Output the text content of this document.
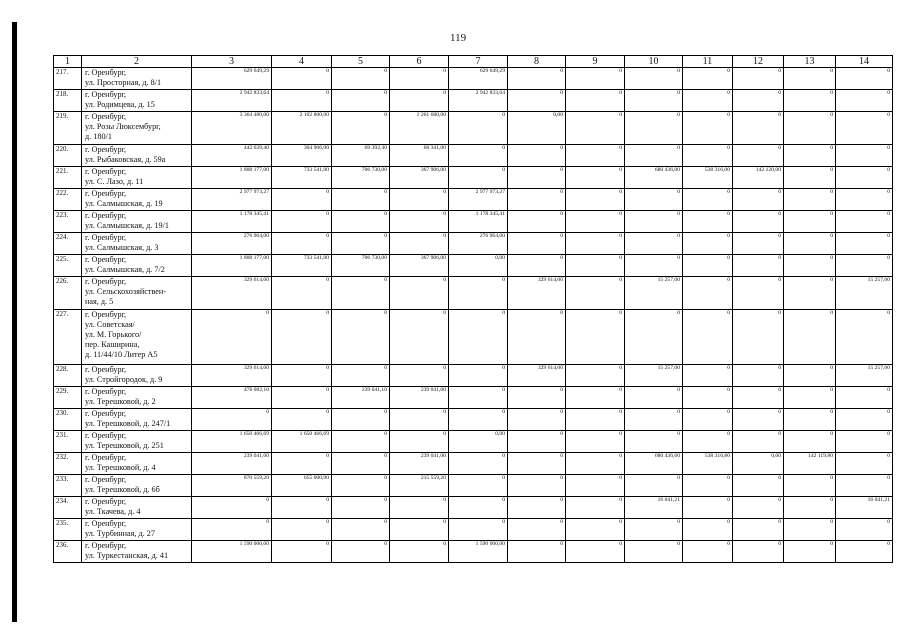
119
1	2	3	4	5	6	7	8	9	10	11	12	13	14
217.	г. Оренбург,
ул. Просторная, д. 8/1	629 649,29	0	0	0	629 649,29	0	0	0	0	0	0	0
218.	г. Оренбург,
ул. Родимцева, д. 15	2 942 833,64	0	0	0	2 942 833,64	0	0	0	0	0	0	0
219.	г. Оренбург,
ул. Розы Люксембург,
д. 180/1	3 364 480,00	2 102 800,00	0	1 261 680,00	0	0,00	0	0	0	0	0	0
220.	г. Оренбург,
ул. Рыбаковская, д. 59а	442 639,40	304 906,00	69 392,40	68 341,00	0	0	0	0	0	0	0	0
221.	г. Оренбург,
ул. С. Лазо, д. 11	1 808 177,00	733 541,00	706 730,00	367 906,00	0	0	0	680 436,00	538 316,00	142 120,00	0	0
222.	г. Оренбург,
ул. Салмышская, д. 19	2 977 973,27	0	0	0	2 977 973,27	0	0	0	0	0	0	0
223.	г. Оренбург,
ул. Салмышская, д. 19/1	1 178 345,41	0	0	0	1 178 345,41	0	0	0	0	0	0	0
224.	г. Оренбург,
ул. Салмышская, д. 3	276 964,00	0	0	0	276 964,00	0	0	0	0	0	0	0
225.	г. Оренбург,
ул. Салмышская, д. 7/2	1 808 177,00	733 541,00	706 730,00	367 906,00	0,00	0	0	0	0	0	0	0
226.	г. Оренбург,
ул. Сельскохозяйствен-
ная, д. 5	329 614,00	0	0	0	0	329 614,00	0	15 257,00	0	0	0	15 257,00
227.	г. Оренбург,
ул. Советская/
ул. М. Горького/
пер. Каширина,
д. 11/44/10 Литер А5	0	0	0	0	0	0	0	0	0	0	0	0
228.	г. Оренбург,
ул. Стройгородок, д. 9	329 614,00	0	0	0	0	329 614,00	0	15 257,00	0	0	0	15 257,00
229.	г. Оренбург,
ул. Терешковой, д. 2	478 082,10	0	239 041,10	239 041,00	0	0	0	0	0	0	0	0
230.	г. Оренбург,
ул. Терешковой, д. 247/1	0	0	0	0	0	0	0	0	0	0	0	0
231.	г. Оренбург,
ул. Терешковой, д. 251	1 650 466,69	1 650 466,69	0	0	0,00	0	0	0	0	0	0	0
232.	г. Оренбург,
ул. Терешковой, д. 4	239 041,00	0	0	239 041,00	0	0	0	680 436,60	538 316,80	0,00	142 119,80	0
233.	г. Оренбург,
ул. Терешковой, д. 6б	870 559,20	655 000,00	0	215 559,20	0	0	0	0	0	0	0	0
234.	г. Оренбург,
ул. Ткачева, д. 4	0	0	0	0	0	0	0	16 041,21	0	0	0	16 041,21
235.	г. Оренбург,
ул. Турбинная, д. 27	0	0	0	0	0	0	0	0	0	0	0	0
236.	г. Оренбург,
ул. Туркестанская, д. 41	1 590 000,00	0	0	0	1 590 000,00	0	0	0	0	0	0	0
